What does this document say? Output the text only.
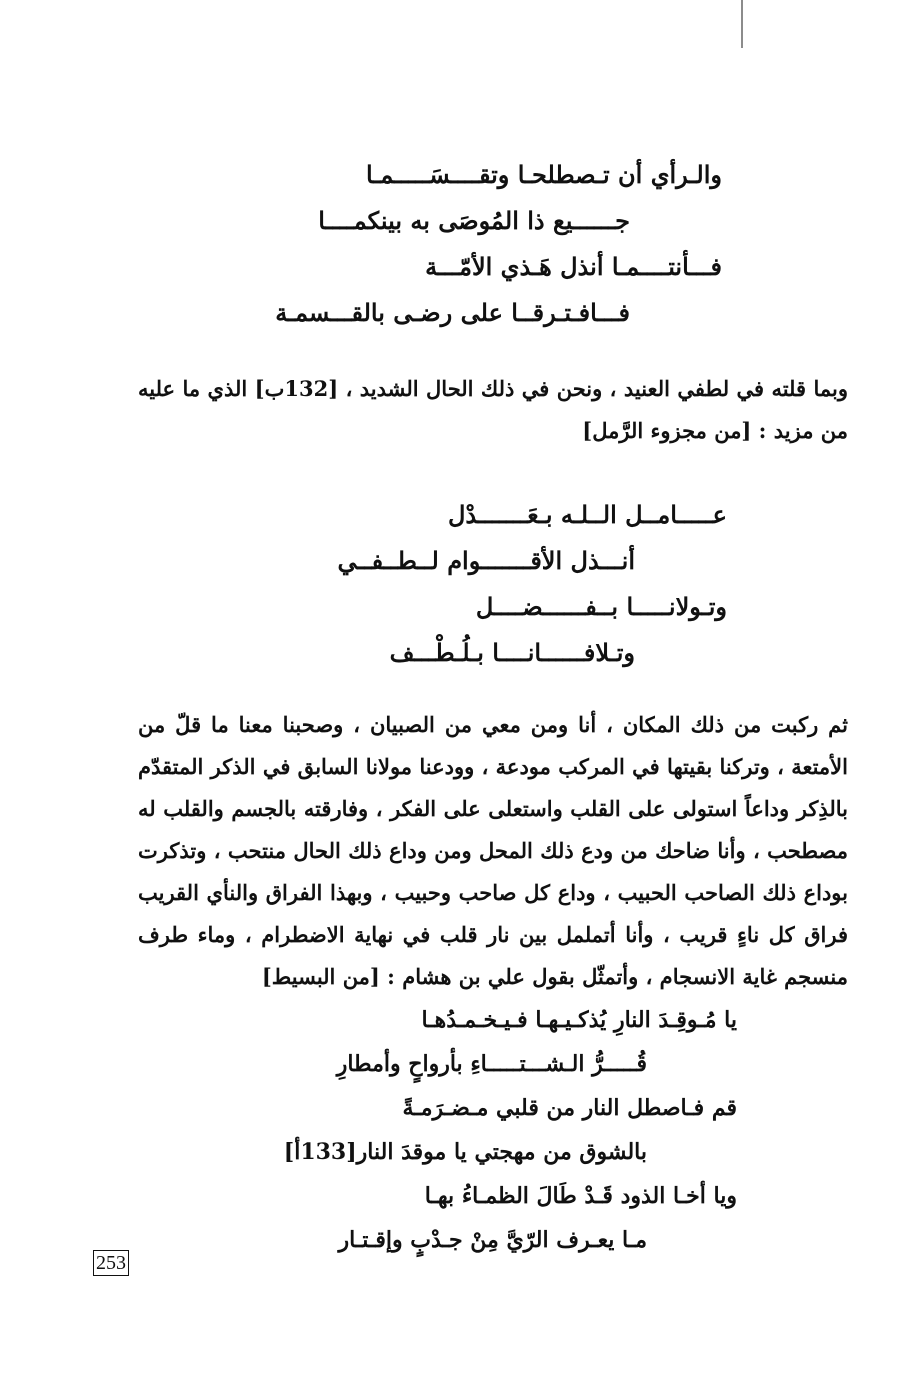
والـرأي أن تـصطلحـا وتقــــسَـــــمـا
جــــــيع ذا المُوصَى به بينكمــــا
فـــأنتــــمـا أنذل هَـذي الأمّـــة
فـــافـتـرقــا على رضـى بالقـــسمـة

وبما قلته في لطفي العنيد ، ونحن في ذلك الحال الشديد ، [132ب] الذي ما عليه من مزيد : [من مجزوء الرَّمل]

عـــــامــل الــلـه بـعَـــــــدْل
أنـــذل الأقـــــــوام لــطــفــي
وتـولانـــــا بــفــــــضــــل
وتـلافــــــانــــا بـلُـطْـــف

ثم ركبت من ذلك المكان ، أنا ومن معي من الصبيان ، وصحبنا معنا ما قلّ من الأمتعة ، وتركنا بقيتها في المركب مودعة ، وودعنا مولانا السابق في الذكر المتقدّم بالذِكر وداعاً استولى على القلب واستعلى على الفكر ، وفارقته بالجسم والقلب له مصطحب ، وأنا ضاحك من ودع ذلك المحل ومن وداع ذلك الحال منتحب ، وتذكرت بوداع ذلك الصاحب الحبيب ، وداع كل صاحب وحبيب ، وبهذا الفراق والنأي القريب فراق كل ناءٍ قريب ، وأنا أتململ بين نار قلب في نهاية الاضطرام ، وماء طرف منسجم غاية الانسجام ، وأتمثّل بقول علي بن هشام : [من البسيط]

يا مُـوقِـدَ النارِ يُذكـيـهـا فـيـخـمـدُهـا
قُـــــرُّ الـشـــتـــــاءِ بأرواحٍ وأمطارِ
قم فـاصطل النار من قلبي مـضـرَمـةً
بالشوق من مهجتي يا موقدَ النار[133أ]
ويا أخـا الذود قَـدْ طَالَ الظمـاءُ بهـا
مـا يعـرف الرّيَّ مِنْ جـدْبٍ وإقـتـار
253
